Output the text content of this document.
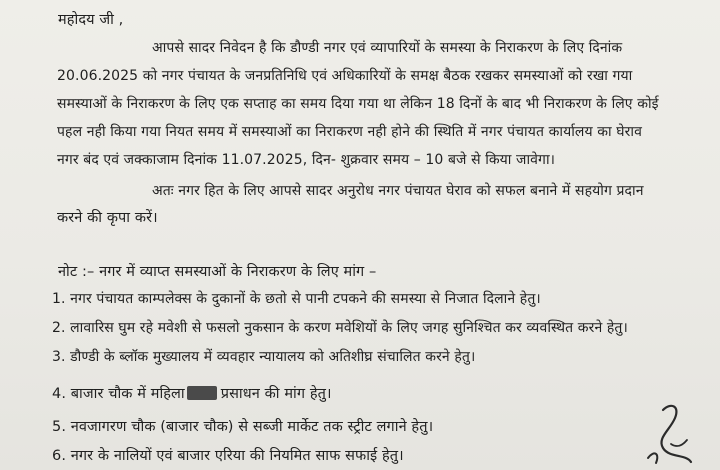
महोदय जी ,
आपसे सादर निवेदन है कि डौण्डी नगर एवं व्यापारियों के समस्या के निराकरण के लिए दिनांक
20.06.2025 को नगर पंचायत के जनप्रतिनिधि एवं अधिकारियों के समक्ष बैठक रखकर समस्याओं को रखा गया
समस्याओं के निराकरण के लिए एक सप्ताह का समय दिया गया था लेकिन 18 दिनों के बाद भी निराकरण के लिए कोई
पहल नही किया गया नियत समय में समस्याओं का निराकरण नही होने की स्थिति में नगर पंचायत कार्यालय का घेराव
नगर बंद एवं जक्काजाम दिनांक 11.07.2025, दिन- शुक्रवार समय – 10 बजे से किया जावेगा।
अतः नगर हित के लिए आपसे सादर अनुरोध नगर पंचायत घेराव को सफल बनाने में सहयोग प्रदान
करने की कृपा करें।
नोट :– नगर में व्याप्त समस्याओं के निराकरण के लिए मांग –
1. नगर पंचायत काम्पलेक्स के दुकानों के छतो से पानी टपकने की समस्या से निजात दिलाने हेतु।
2. लावारिस घुम रहे मवेशी से फसलो नुकसान के करण मवेशियों के लिए जगह सुनिश्चित कर व्यवस्थित करने हेतु।
3. डौण्डी के ब्लॉक मुख्यालय में व्यवहार न्यायालय को अतिशीघ्र संचालित करने हेतु।
4. बाजार चौक में महिला प्रसाधन की मांग हेतु।
5. नवजागरण चौक (बाजार चौक) से सब्जी मार्केट तक स्ट्रीट लगाने हेतु।
6. नगर के नालियों एवं बाजार एरिया की नियमित साफ सफाई हेतु।
